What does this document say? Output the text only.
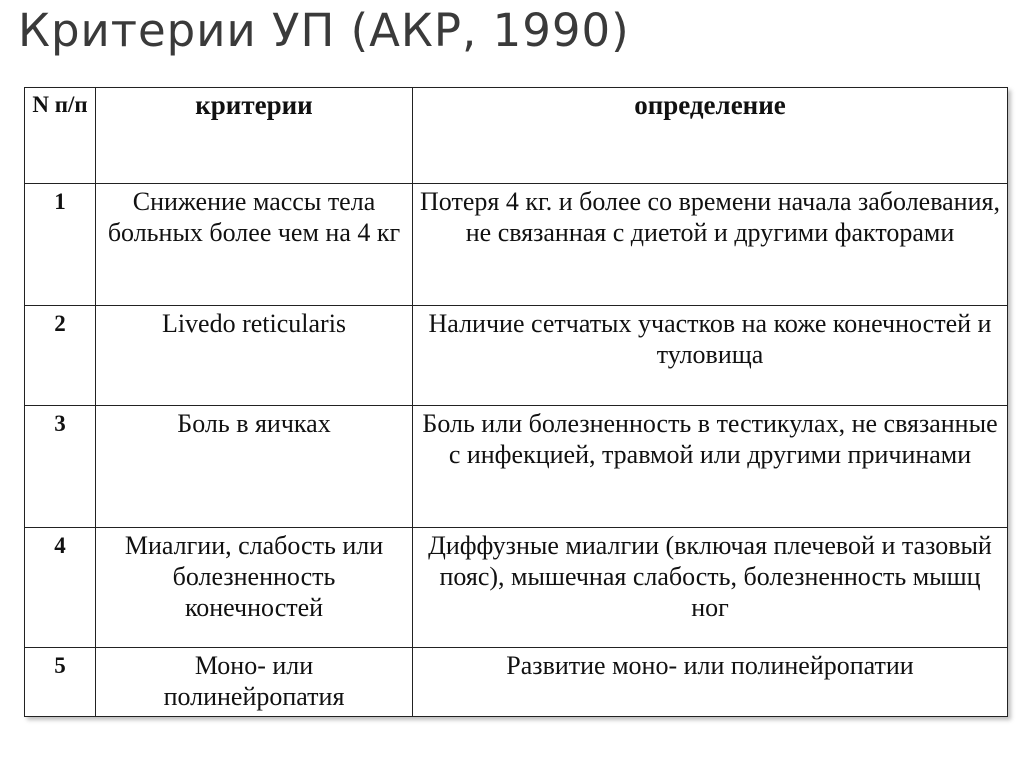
Критерии УП (АКР, 1990)
N п/п	критерии	определение
1	Снижение массы тела больных более чем на 4 кг	Потеря 4 кг. и более со времени начала заболевания, не связанная с диетой и другими факторами
2	Livedo reticularis	Наличие сетчатых участков на коже конечностей и туловища
3	Боль в яичках	Боль или болезненность в тестикулах, не связанные с инфекцией, травмой или другими причинами
4	Миалгии, слабость или болезненность конечностей	Диффузные миалгии (включая плечевой и тазовый пояс), мышечная слабость, болезненность мышц ног
5	Моно- или полинейропатия	Развитие моно- или полинейропатии
